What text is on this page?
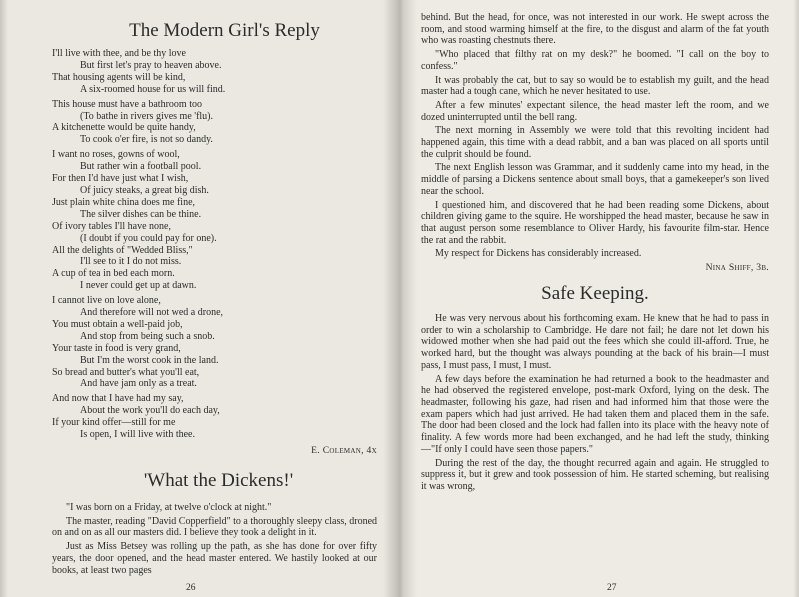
The Modern Girl's Reply
I'll live with thee, and be thy love
But first let's pray to heaven above.
That housing agents will be kind,
A six-roomed house for us will find.
This house must have a bathroom too
(To bathe in rivers gives me 'flu).
A kitchenette would be quite handy,
To cook o'er fire, is not so dandy.
I want no roses, gowns of wool,
But rather win a football pool.
For then I'd have just what I wish,
Of juicy steaks, a great big dish.
Just plain white china does me fine,
The silver dishes can be thine.
Of ivory tables I'll have none,
(I doubt if you could pay for one).
All the delights of "Wedded Bliss,"
I'll see to it I do not miss.
A cup of tea in bed each morn.
I never could get up at dawn.
I cannot live on love alone,
And therefore will not wed a drone,
You must obtain a well-paid job,
And stop from being such a snob.
Your taste in food is very grand,
But I'm the worst cook in the land.
So bread and butter's what you'll eat,
And have jam only as a treat.
And now that I have had my say,
About the work you'll do each day,
If your kind offer—still for me
Is open, I will live with thee.
E. Coleman, 4x
'What the Dickens!'

"I was born on a Friday, at twelve o'clock at night."

The master, reading "David Copperfield" to a thoroughly sleepy class, droned on and on as all our masters did. I believe they took a delight in it.

Just as Miss Betsey was rolling up the path, as she has done for over fifty years, the door opened, and the head master entered. We hastily looked at our books, at least two pages

26

behind. But the head, for once, was not interested in our work. He swept across the room, and stood warming himself at the fire, to the disgust and alarm of the fat youth who was roasting chestnuts there.

"Who placed that filthy rat on my desk?" he boomed. "I call on the boy to confess."

It was probably the cat, but to say so would be to establish my guilt, and the head master had a tough cane, which he never hesitated to use.

After a few minutes' expectant silence, the head master left the room, and we dozed uninterrupted until the bell rang.

The next morning in Assembly we were told that this revolting incident had happened again, this time with a dead rabbit, and a ban was placed on all sports until the culprit should be found.

The next English lesson was Grammar, and it suddenly came into my head, in the middle of parsing a Dickens sentence about small boys, that a gamekeeper's son lived near the school.

I questioned him, and discovered that he had been reading some Dickens, about children giving game to the squire. He worshipped the head master, because he saw in that august person some resemblance to Oliver Hardy, his favourite film-star. Hence the rat and the rabbit.

My respect for Dickens has considerably increased.

Nina Shiff, 3b.
Safe Keeping.

He was very nervous about his forthcoming exam. He knew that he had to pass in order to win a scholarship to Cambridge. He dare not fail; he dare not let down his widowed mother when she had paid out the fees which she could ill-afford. True, he worked hard, but the thought was always pounding at the back of his brain—I must pass, I must pass, I must, I must.

A few days before the examination he had returned a book to the headmaster and he had observed the registered envelope, post-mark Oxford, lying on the desk. The headmaster, following his gaze, had risen and had informed him that those were the exam papers which had just arrived. He had taken them and placed them in the safe. The door had been closed and the lock had fallen into its place with the heavy note of finality. A few words more had been exchanged, and he had left the study, thinking—"If only I could have seen those papers."

During the rest of the day, the thought recurred again and again. He struggled to suppress it, but it grew and took possession of him. He started scheming, but realising it was wrong,

27
